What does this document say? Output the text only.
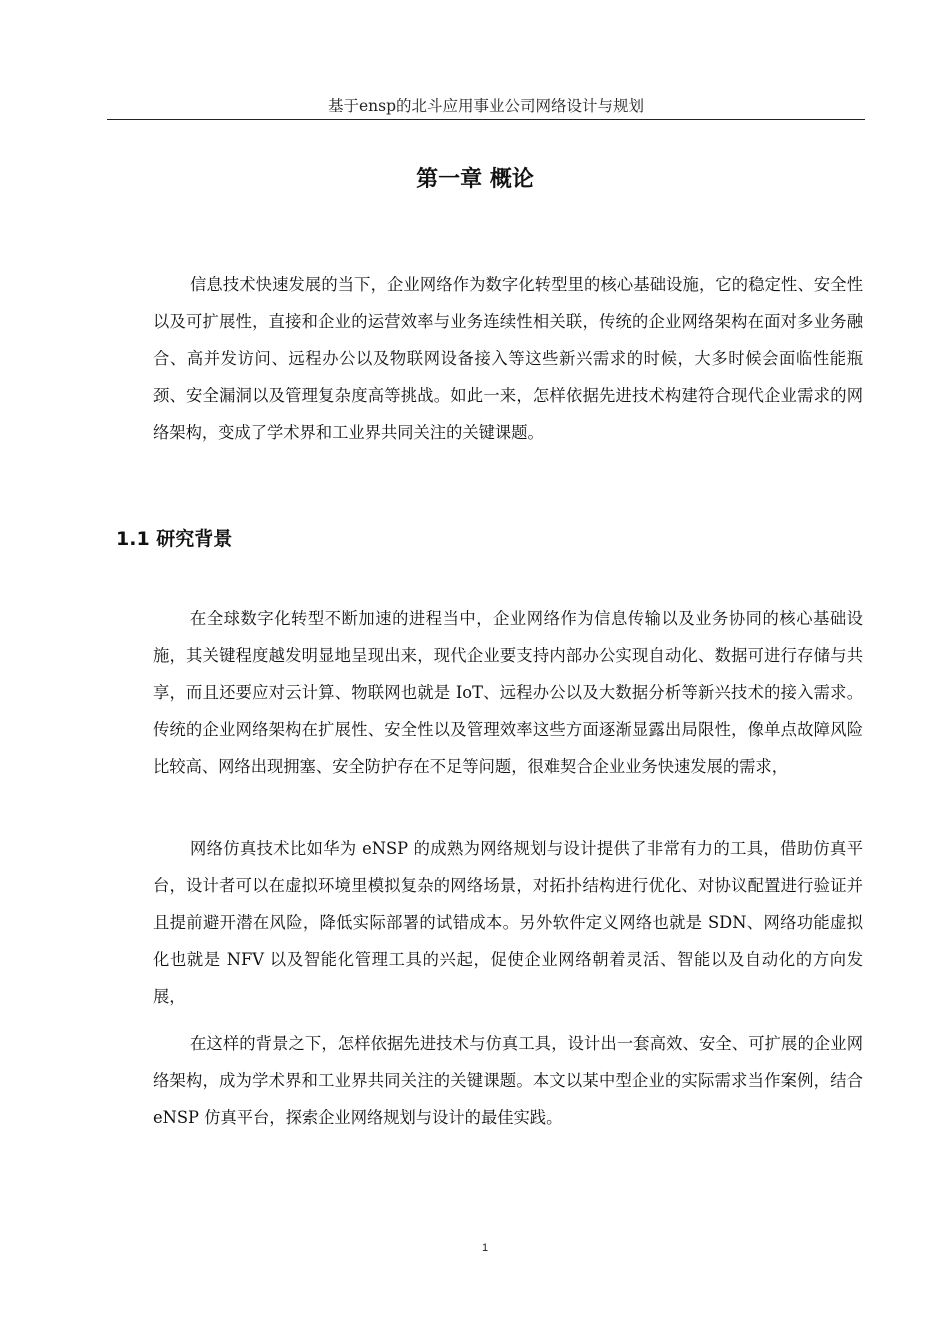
基于ensp的北斗应用事业公司网络设计与规划
第一章 概论

信息技术快速发展的当下，企业网络作为数字化转型里的核心基础设施，它的稳定性、安全性以及可扩展性，直接和企业的运营效率与业务连续性相关联，传统的企业网络架构在面对多业务融合、高并发访问、远程办公以及物联网设备接入等这些新兴需求的时候，大多时候会面临性能瓶颈、安全漏洞以及管理复杂度高等挑战。如此一来，怎样依据先进技术构建符合现代企业需求的网络架构，变成了学术界和工业界共同关注的关键课题。

1.1 研究背景

在全球数字化转型不断加速的进程当中，企业网络作为信息传输以及业务协同的核心基础设施，其关键程度越发明显地呈现出来，现代企业要支持内部办公实现自动化、数据可进行存储与共享，而且还要应对云计算、物联网也就是 IoT、远程办公以及大数据分析等新兴技术的接入需求。传统的企业网络架构在扩展性、安全性以及管理效率这些方面逐渐显露出局限性，像单点故障风险比较高、网络出现拥塞、安全防护存在不足等问题，很难契合企业业务快速发展的需求，

网络仿真技术比如华为 eNSP 的成熟为网络规划与设计提供了非常有力的工具，借助仿真平台，设计者可以在虚拟环境里模拟复杂的网络场景，对拓扑结构进行优化、对协议配置进行验证并且提前避开潜在风险，降低实际部署的试错成本。另外软件定义网络也就是 SDN、网络功能虚拟化也就是 NFV 以及智能化管理工具的兴起，促使企业网络朝着灵活、智能以及自动化的方向发展，

在这样的背景之下，怎样依据先进技术与仿真工具，设计出一套高效、安全、可扩展的企业网络架构，成为学术界和工业界共同关注的关键课题。本文以某中型企业的实际需求当作案例，结合 eNSP 仿真平台，探索企业网络规划与设计的最佳实践。

1
